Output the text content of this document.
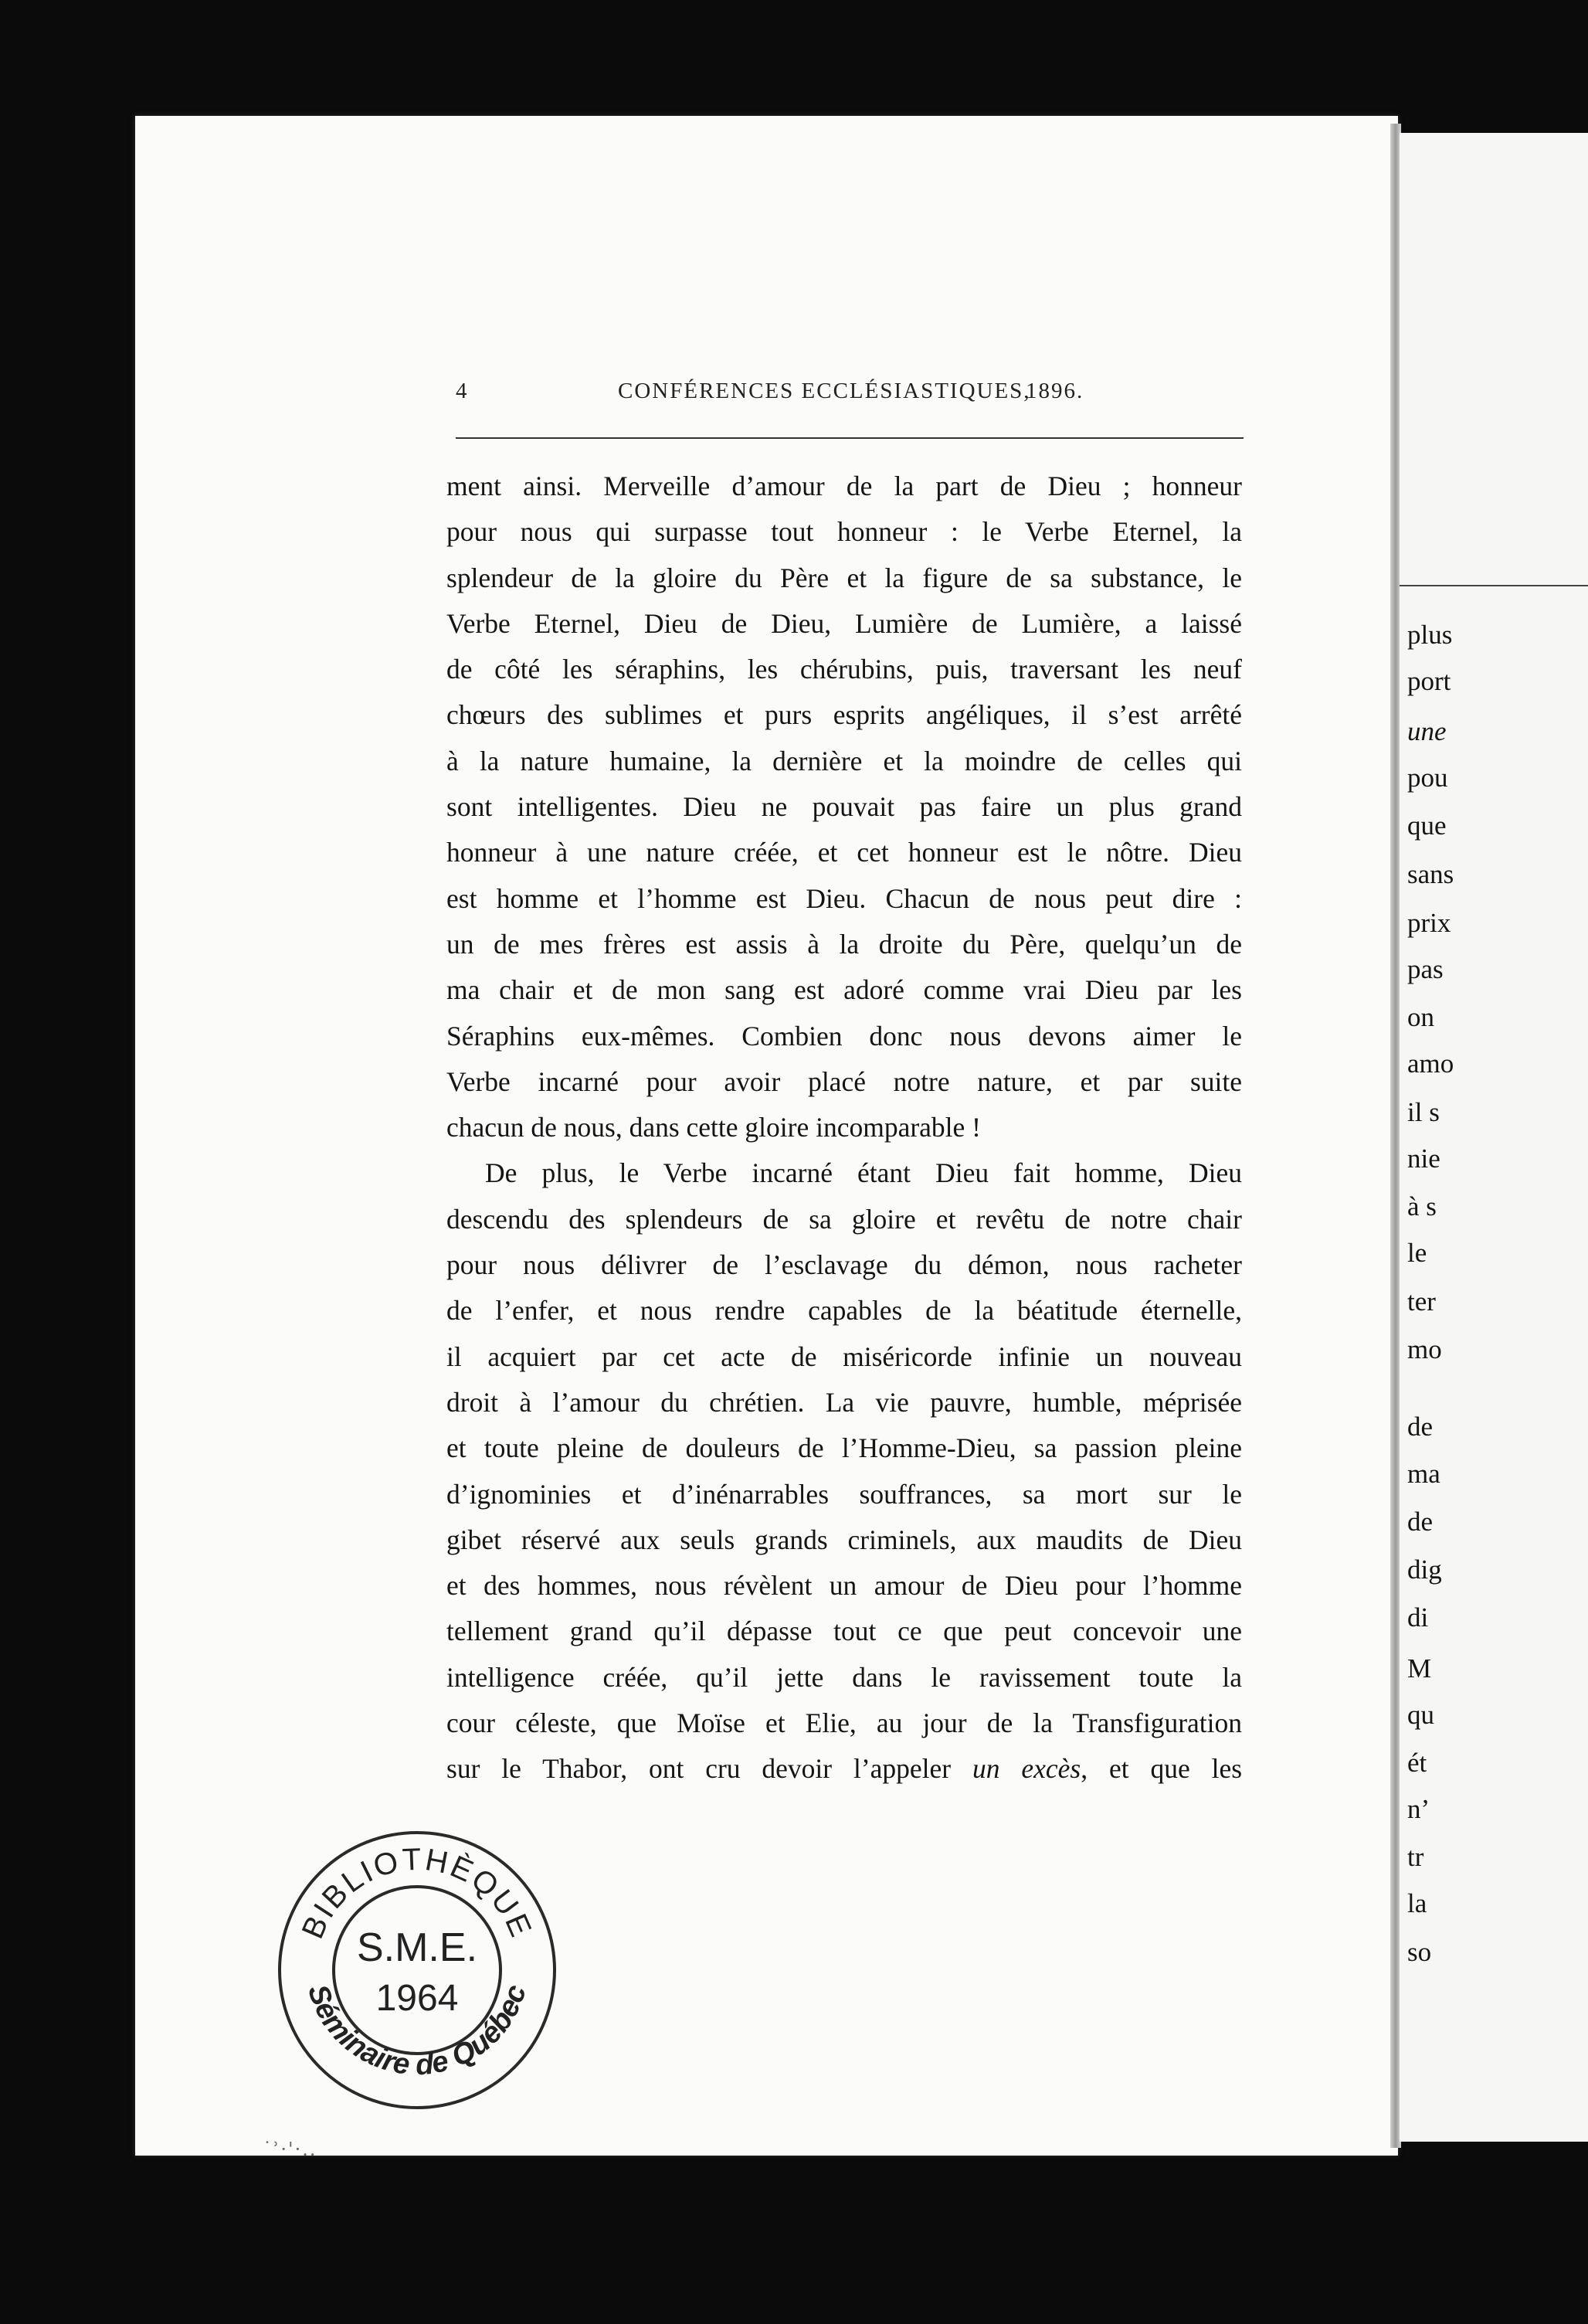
plus
port
une
pou
que
sans
prix
pas
on
amo
il s
nie
à s
le
ter
mo
de
ma
de
dig
di
M
qu
ét
n’
tr
la
so
4	CONFÉRENCES ECCLÉSIASTIQUES,
1896.
ment ainsi. Merveille d’amour de la part de Dieu ; honneur
pour nous qui surpasse tout honneur : le Verbe Eternel, la
splendeur de la gloire du Père et la figure de sa substance, le
Verbe Eternel, Dieu de Dieu, Lumière de Lumière, a laissé
de côté les séraphins, les chérubins, puis, traversant les neuf
chœurs des sublimes et purs esprits angéliques, il s’est arrêté
à la nature humaine, la dernière et la moindre de celles qui
sont intelligentes. Dieu ne pouvait pas faire un plus grand
honneur à une nature créée, et cet honneur est le nôtre. Dieu
est homme et l’homme est Dieu. Chacun de nous peut dire :
un de mes frères est assis à la droite du Père, quelqu’un de
ma chair et de mon sang est adoré comme vrai Dieu par les
Séraphins eux-mêmes. Combien donc nous devons aimer le
Verbe incarné pour avoir placé notre nature, et par suite
chacun de nous, dans cette gloire incomparable !
De plus, le Verbe incarné étant Dieu fait homme, Dieu
descendu des splendeurs de sa gloire et revêtu de notre chair
pour nous délivrer de l’esclavage du démon, nous racheter
de l’enfer, et nous rendre capables de la béatitude éternelle,
il acquiert par cet acte de miséricorde infinie un nouveau
droit à l’amour du chrétien. La vie pauvre, humble, méprisée
et toute pleine de douleurs de l’Homme-Dieu, sa passion pleine
d’ignominies et d’inénarrables souffrances, sa mort sur le
gibet réservé aux seuls grands criminels, aux maudits de Dieu
et des hommes, nous révèlent un amour de Dieu pour l’homme
tellement grand qu’il dépasse tout ce que peut concevoir une
intelligence créée, qu’il jette dans le ravissement toute la
cour céleste, que Moïse et Elie, au jour de la Transfiguration
sur le Thabor, ont cru devoir l’appeler un excès, et que les
BIBLIOTHÈQUE
Séminaire de Québec
S.M.E.
1964
˙ʾ·ꞌ·..
